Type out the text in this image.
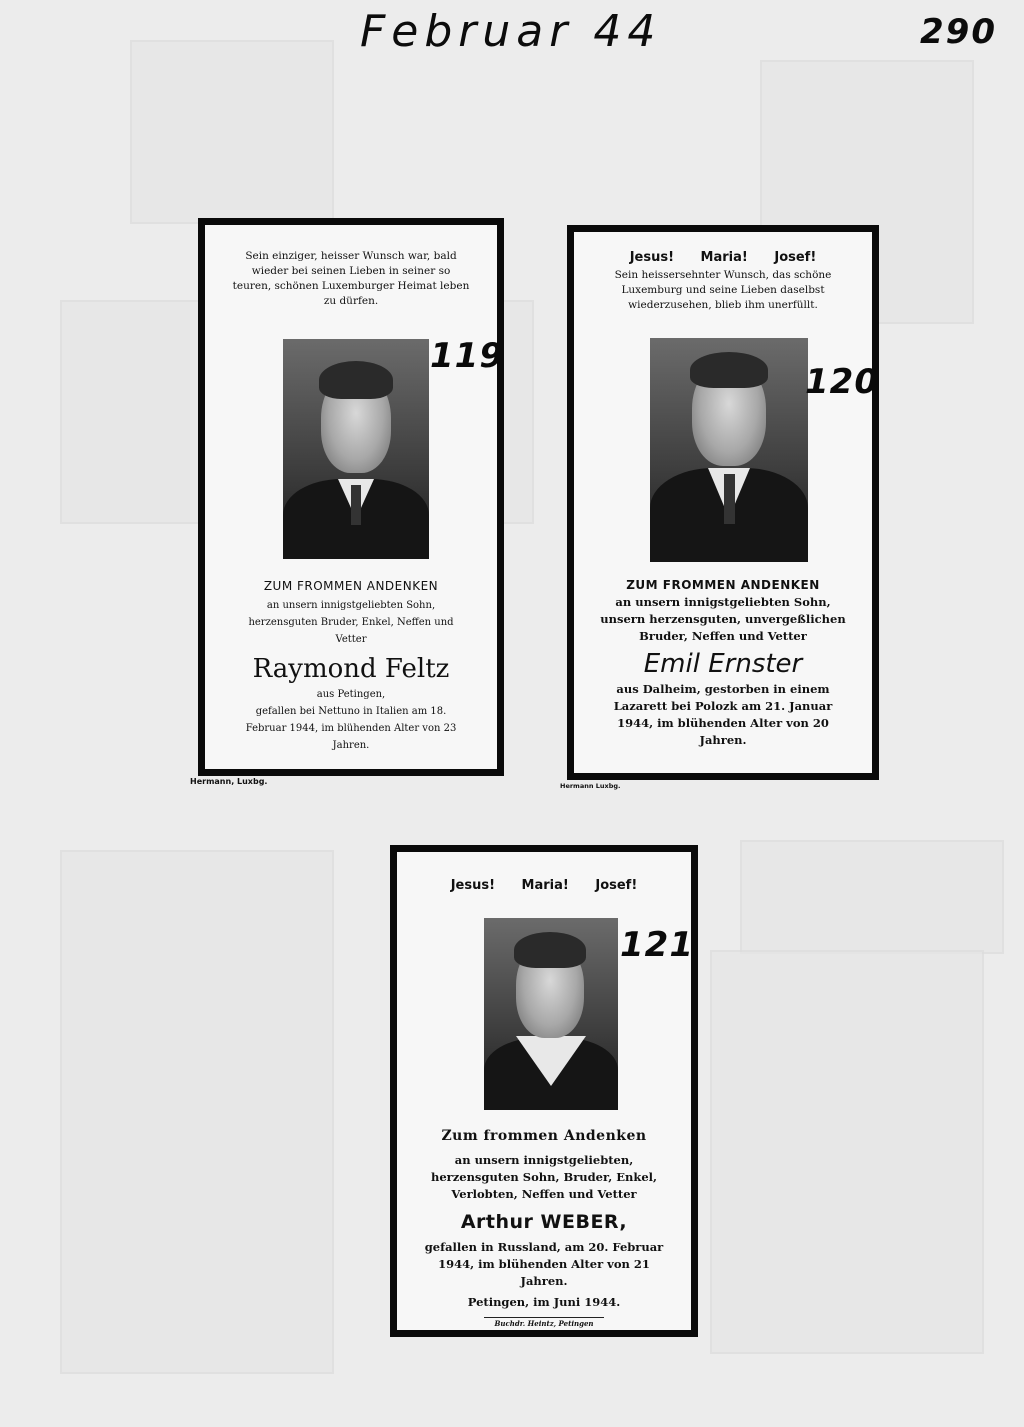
Februar 44	290
Sein einziger, heisser Wunsch war, bald wieder bei seinen Lieben in seiner so teuren, schönen Luxemburger Heimat leben zu dürfen.
ZUM FROMMEN ANDENKEN
an unsern innigstgeliebten Sohn, herzensguten Bruder, Enkel, Neffen und Vetter
Raymond Feltz
aus Petingen,
gefallen bei Nettuno in Italien am 18. Februar 1944, im blühenden Alter von 23 Jahren.
119
Hermann, Luxbg.
Jesus! Maria! Josef!
Sein heissersehnter Wunsch, das schöne Luxemburg und seine Lieben daselbst wiederzusehen, blieb ihm unerfüllt.
ZUM FROMMEN ANDENKEN
an unsern innigstgeliebten Sohn, unsern herzensguten, unvergeßlichen Bruder, Neffen und Vetter
Emil Ernster
aus Dalheim, gestorben in einem Lazarett bei Polozk am 21. Januar 1944, im blühenden Alter von 20 Jahren.
120
Hermann Luxbg.
Jesus! Maria! Josef!
Zum frommen Andenken
an unsern innigstgeliebten, herzensguten Sohn, Bruder, Enkel, Verlobten, Neffen und Vetter
Arthur WEBER,
gefallen in Russland, am 20. Februar 1944, im blühenden Alter von 21 Jahren.
Petingen, im Juni 1944.
Buchdr. Heintz, Petingen
121
